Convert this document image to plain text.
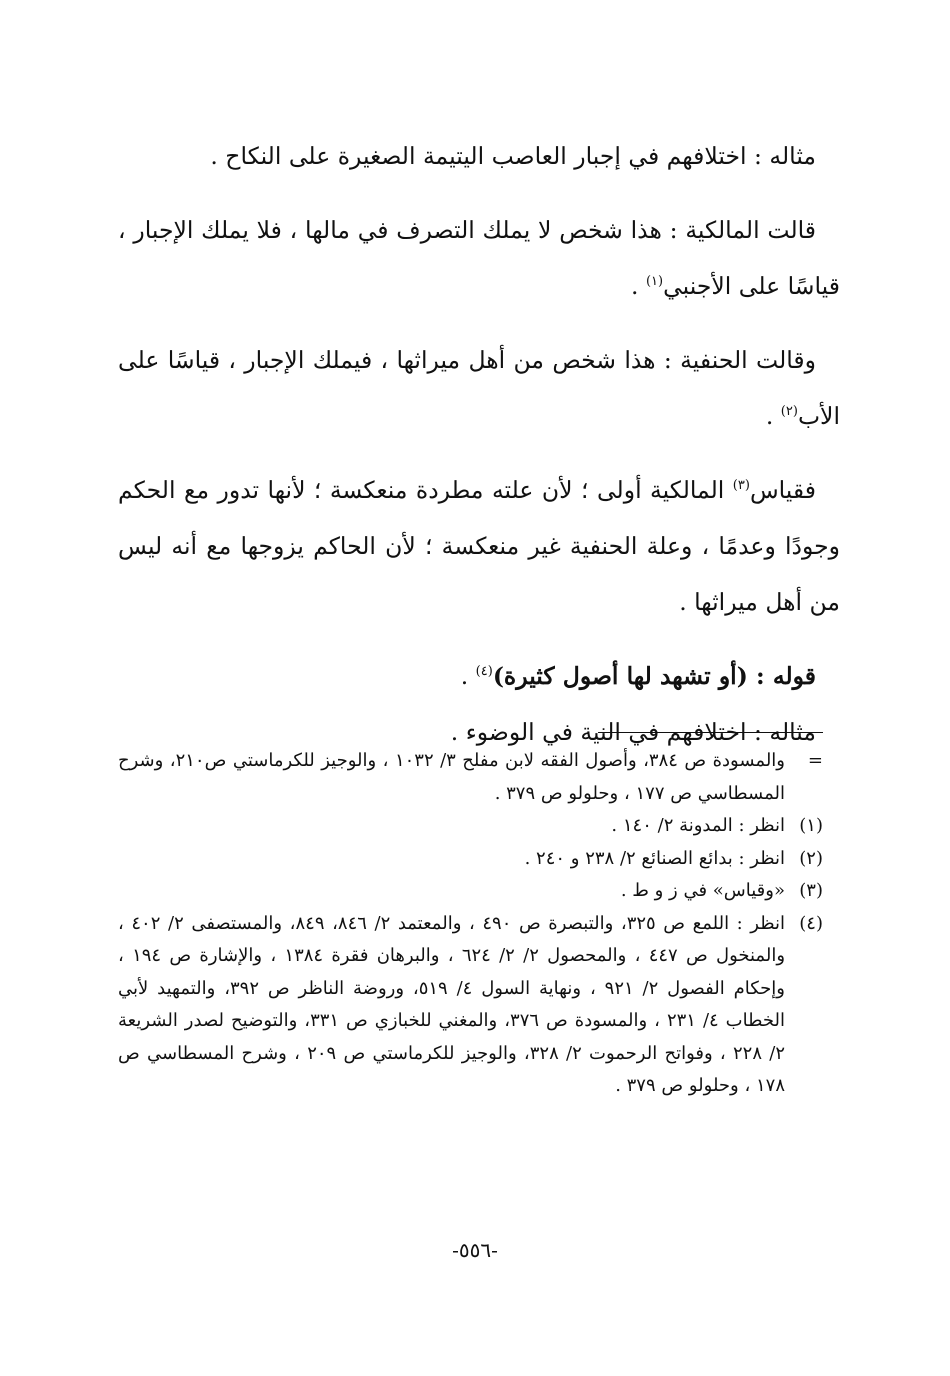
مثاله : اختلافهم في إجبار العاصب اليتيمة الصغيرة على النكاح .

قالت المالكية : هذا شخص لا يملك التصرف في مالها ، فلا يملك الإجبار ، قياسًا على الأجنبي$^{(١)}$ .

وقالت الحنفية : هذا شخص من أهل ميراثها ، فيملك الإجبار ، قياسًا على الأب$^{(٢)}$ .

فقياس$^{(٣)}$ المالكية أولى ؛ لأن علته مطردة منعكسة ؛ لأنها تدور مع الحكم وجودًا وعدمًا ، وعلة الحنفية غير منعكسة ؛ لأن الحاكم يزوجها مع أنه ليس من أهل ميراثها .

قوله : (أو تشهد لها أصول كثيرة)$^{(٤)}$ .

مثاله : اختلافهم في النية في الوضوء .

=
والمسودة ص ٣٨٤، وأصول الفقه لابن مفلح ٣/ ١٠٣٢ ، والوجيز للكرماستي ص٢١٠، وشرح المسطاسي ص ١٧٧ ، وحلولو ص ٣٧٩ .
(١)
انظر : المدونة ٢/ ١٤٠ .
(٢)
انظر : بدائع الصنائع ٢/ ٢٣٨ و ٢٤٠ .
(٣)
«وقياس» في ز و ط .
(٤)
انظر : اللمع ص ٣٢٥، والتبصرة ص ٤٩٠ ، والمعتمد ٢/ ٨٤٦، ٨٤٩، والمستصفى ٢/ ٤٠٢ ، والمنخول ص ٤٤٧ ، والمحصول ٢/ ٢/ ٦٢٤ ، والبرهان فقرة ١٣٨٤ ، والإشارة ص ١٩٤ ، وإحكام الفصول ٢/ ٩٢١ ، ونهاية السول ٤/ ٥١٩، وروضة الناظر ص ٣٩٢، والتمهيد لأبي الخطاب ٤/ ٢٣١ ، والمسودة ص ٣٧٦، والمغني للخبازي ص ٣٣١، والتوضيح لصدر الشريعة ٢/ ٢٢٨ ، وفواتح الرحموت ٢/ ٣٢٨، والوجيز للكرماستي ص ٢٠٩ ، وشرح المسطاسي ص ١٧٨ ، وحلولو ص ٣٧٩ .
-٥٥٦-
